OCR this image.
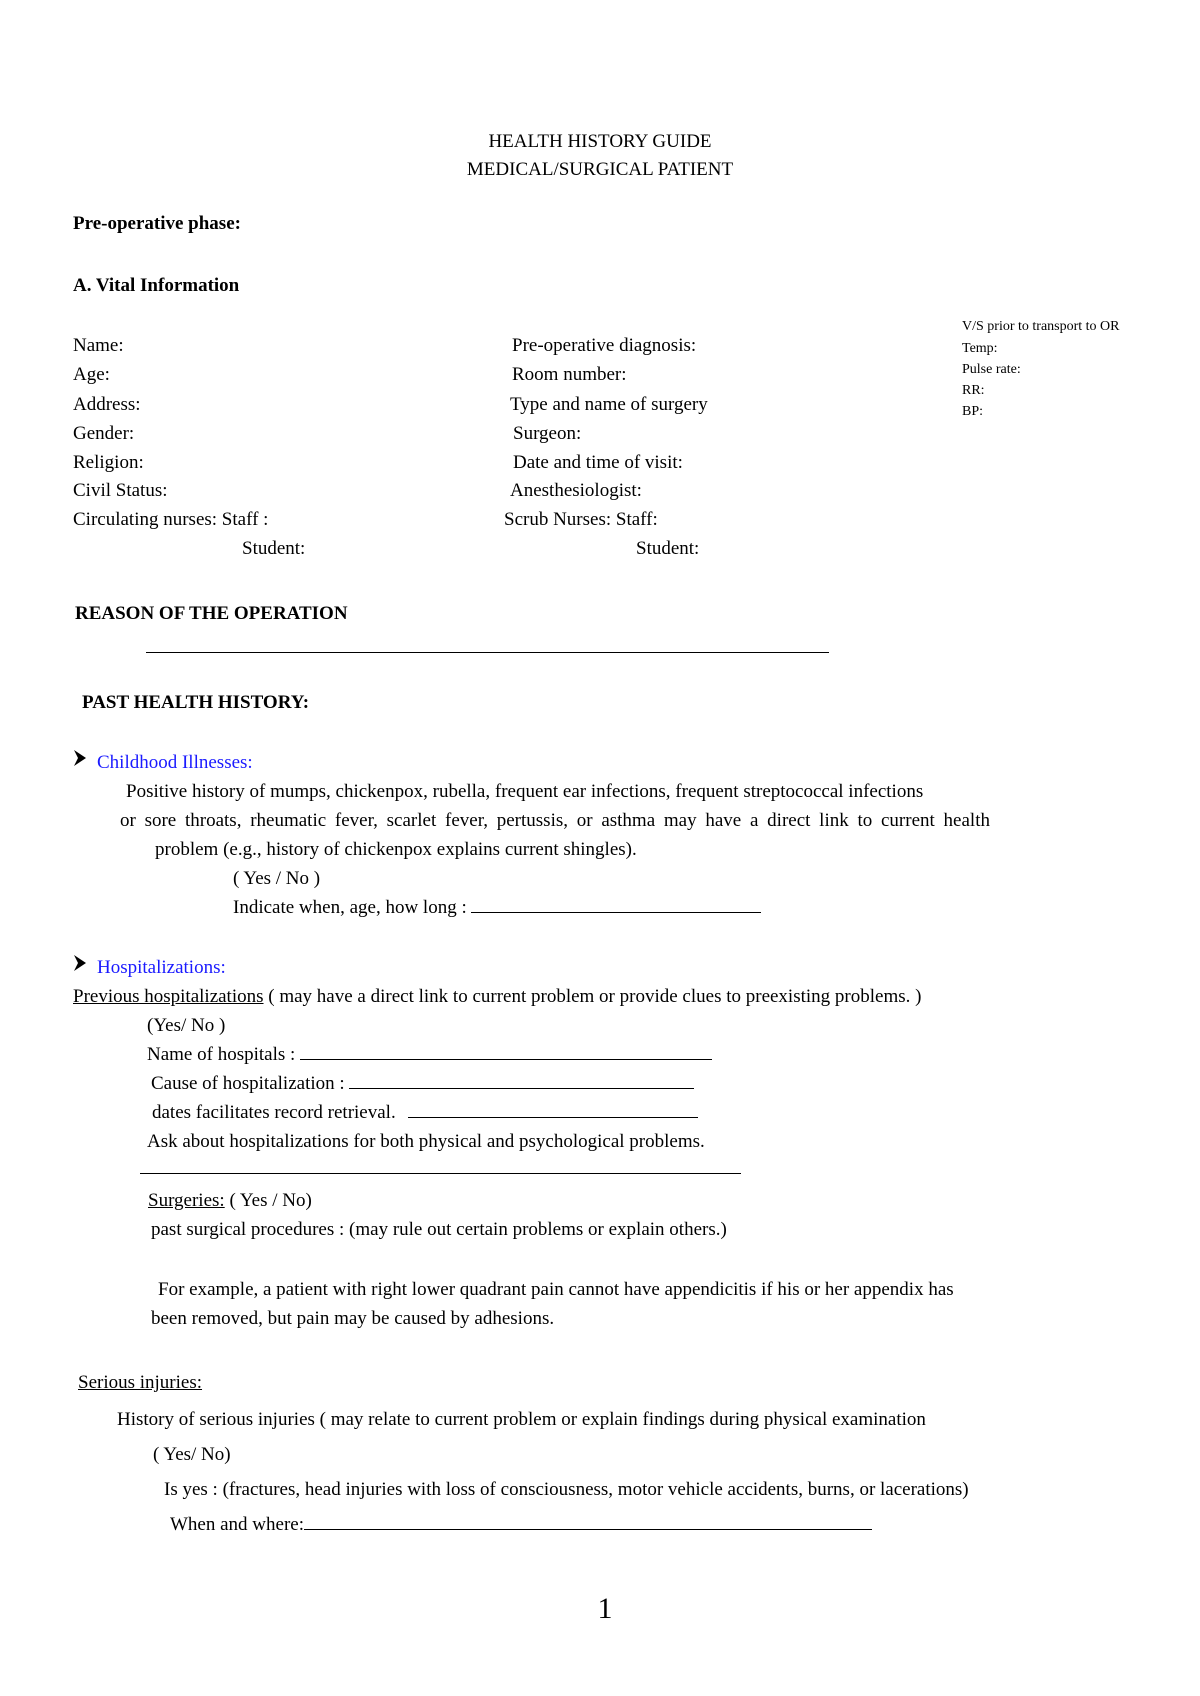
HEALTH HISTORY GUIDE
MEDICAL/SURGICAL PATIENT
Pre-operative phase:
A. Vital Information
Name:
Age:
Address:
Gender:
Religion:
Civil Status:
Circulating nurses: Staff :
Student:
Pre-operative diagnosis:
Room number:
Type and name of surgery
Surgeon:
Date and time of visit:
Anesthesiologist:
Scrub Nurses: Staff:
Student:
V/S prior to transport to OR
Temp:
Pulse rate:
RR:
BP:
REASON OF THE OPERATION
PAST HEALTH HISTORY:
Childhood Illnesses:
Positive history of mumps, chickenpox, rubella, frequent ear infections, frequent streptococcal infections
or sore throats, rheumatic fever, scarlet fever, pertussis, or asthma may have a direct link to current health
problem (e.g., history of chickenpox explains current shingles).
( Yes / No )
Indicate when, age, how long :
Hospitalizations:
Previous hospitalizations ( may have a direct link to current problem or provide clues to preexisting problems. )
(Yes/ No )
Name of hospitals :
Cause of hospitalization :
dates facilitates record retrieval.
Ask about hospitalizations for both physical and psychological problems.
Surgeries: ( Yes / No)
past surgical procedures : (may rule out certain problems or explain others.)
For example, a patient with right lower quadrant pain cannot have appendicitis if his or her appendix has
been removed, but pain may be caused by adhesions.
Serious injuries:
History of serious injuries ( may relate to current problem or explain findings during physical examination
( Yes/ No)
Is yes : (fractures, head injuries with loss of consciousness, motor vehicle accidents, burns, or lacerations)
When and where:
1
